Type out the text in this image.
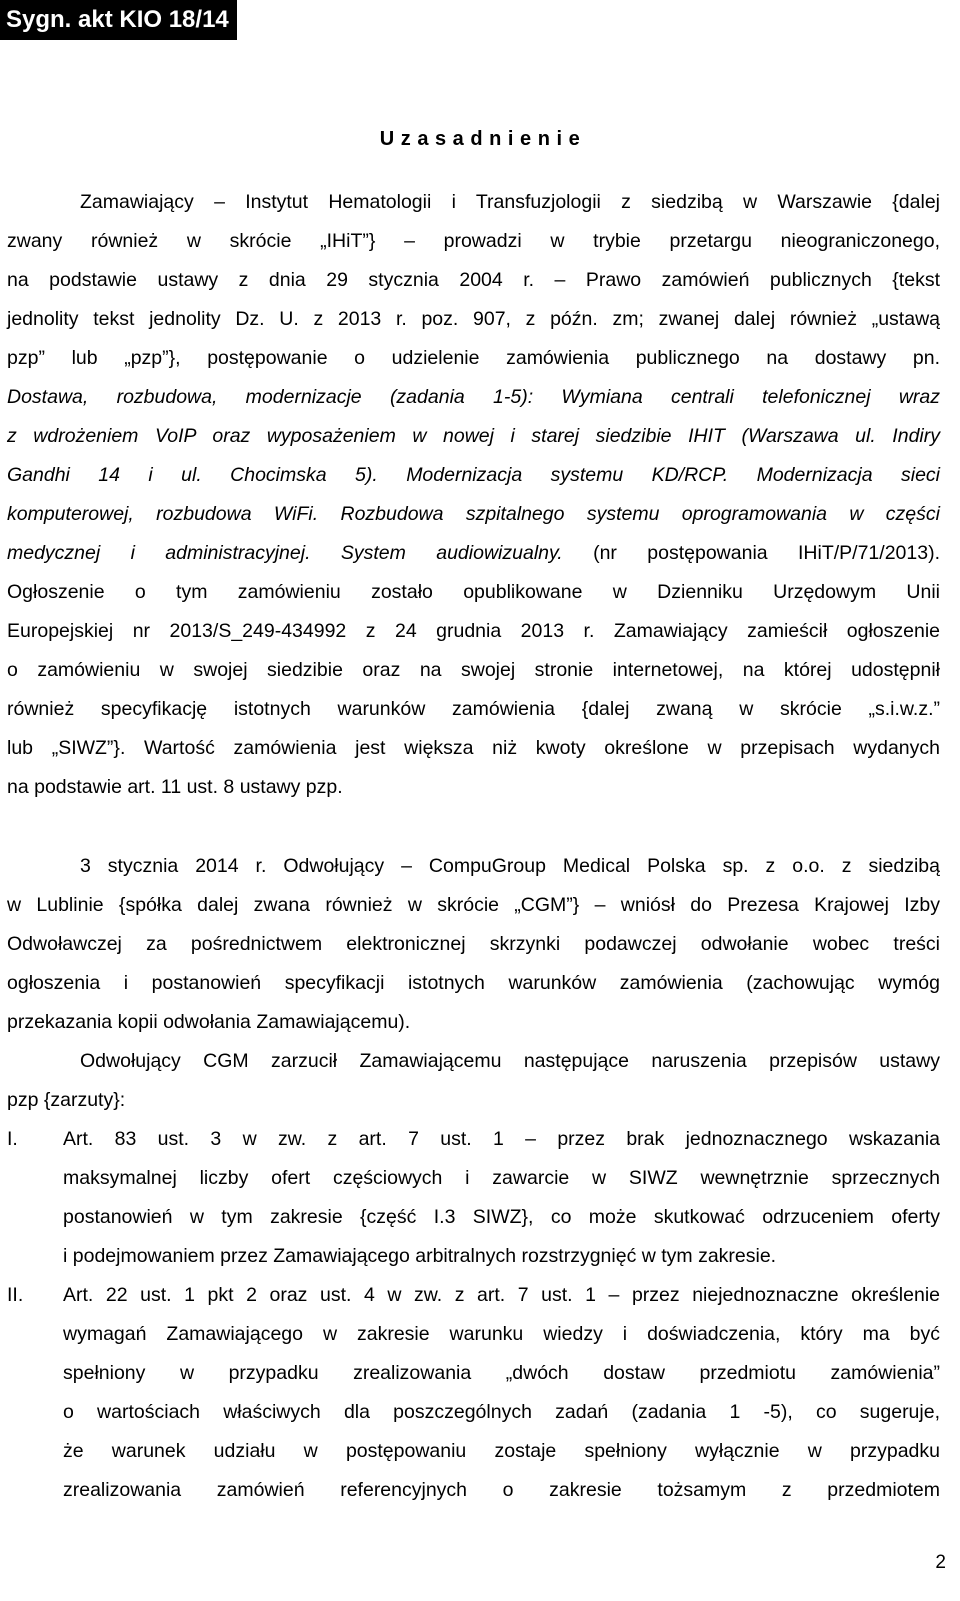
Sygn. akt KIO 18/14
U z a s a d n i e n i e

Zamawiający – Instytut Hematologii i Transfuzjologii z siedzibą w Warszawie {dalej

zwany również w skrócie „IHiT”} – prowadzi w trybie przetargu nieograniczonego,

na podstawie ustawy z dnia 29 stycznia 2004 r. – Prawo zamówień publicznych {tekst

jednolity tekst jednolity Dz. U. z 2013 r. poz. 907, z późn. zm; zwanej dalej również „ustawą

pzp” lub „pzp”}, postępowanie o udzielenie zamówienia publicznego na dostawy pn.

Dostawa, rozbudowa, modernizacje (zadania 1-5): Wymiana centrali telefonicznej wraz

z wdrożeniem VoIP oraz wyposażeniem w nowej i starej siedzibie IHIT (Warszawa ul. Indiry

Gandhi 14 i ul. Chocimska 5). Modernizacja systemu KD/RCP. Modernizacja sieci

komputerowej, rozbudowa WiFi. Rozbudowa szpitalnego systemu oprogramowania w części

medycznej i administracyjnej. System audiowizualny. (nr postępowania IHiT/P/71/2013).

Ogłoszenie o tym zamówieniu zostało opublikowane w Dzienniku Urzędowym Unii

Europejskiej nr 2013/S_249-434992 z 24 grudnia 2013 r. Zamawiający zamieścił ogłoszenie

o zamówieniu w swojej siedzibie oraz na swojej stronie internetowej, na której udostępnił

również specyfikację istotnych warunków zamówienia {dalej zwaną w skrócie „s.i.w.z.”

lub „SIWZ”}. Wartość zamówienia jest większa niż kwoty określone w przepisach wydanych

na podstawie art. 11 ust. 8 ustawy pzp.

3 stycznia 2014 r. Odwołujący – CompuGroup Medical Polska sp. z o.o. z siedzibą

w Lublinie {spółka dalej zwana również w skrócie „CGM”} – wniósł do Prezesa Krajowej Izby

Odwoławczej za pośrednictwem elektronicznej skrzynki podawczej odwołanie wobec treści

ogłoszenia i postanowień specyfikacji istotnych warunków zamówienia (zachowując wymóg

przekazania kopii odwołania Zamawiającemu).

Odwołujący CGM zarzucił Zamawiającemu następujące naruszenia przepisów ustawy

pzp {zarzuty}:

I. Art. 83 ust. 3 w zw. z art. 7 ust. 1 – przez brak jednoznacznego wskazania

maksymalnej liczby ofert częściowych i zawarcie w SIWZ wewnętrznie sprzecznych

postanowień w tym zakresie {część I.3 SIWZ}, co może skutkować odrzuceniem oferty

i podejmowaniem przez Zamawiającego arbitralnych rozstrzygnięć w tym zakresie.

II. Art. 22 ust. 1 pkt 2 oraz ust. 4 w zw. z art. 7 ust. 1 – przez niejednoznaczne określenie

wymagań Zamawiającego w zakresie warunku wiedzy i doświadczenia, który ma być

spełniony w przypadku zrealizowania „dwóch dostaw przedmiotu zamówienia”

o wartościach właściwych dla poszczególnych zadań (zadania 1 -5), co sugeruje,

że warunek udziału w postępowaniu zostaje spełniony wyłącznie w przypadku

zrealizowania zamówień referencyjnych o zakresie tożsamym z przedmiotem

2
